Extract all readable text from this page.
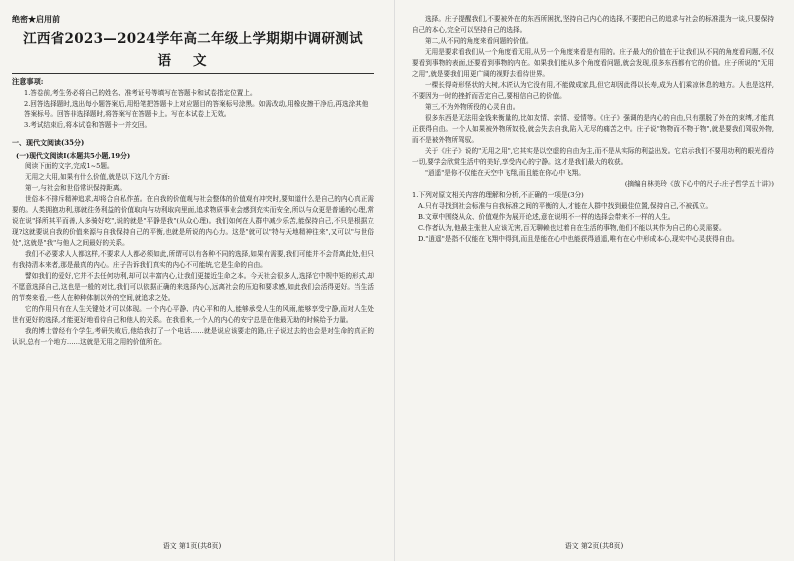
绝密★启用前
江西省2023—2024学年高二年级上学期期中调研测试
语文
注意事项:

1.答卷前,考生务必将自己的姓名、准考证号等填写在答题卡和试卷指定位置上。

2.回答选择题时,选出每小题答案后,用铅笔把答题卡上对应题目的答案标号涂黑。如需改动,用橡皮擦干净后,再选涂其他答案标号。回答非选择题时,将答案写在答题卡上。写在本试卷上无效。

3.考试结束后,将本试卷和答题卡一并交回。

一、现代文阅读(35分)
(一)现代文阅读Ⅰ(本题共5小题,19分)

阅读下面的文字,完成1~5题。

无用之大用,如果有什么价值,就是以下这几个方面:

第一,与社会和世俗常识保持距离。

世俗本不排斥精神追求,却将合自私作茧。在自我的价值观与社会整体的价值观有冲突时,要知道什么是自己的内心真正需要的。人类拥抱功利,那就往务利益的价值取向与功利取向里面,追求物质事业会感到充实而安全,所以与众更是普通的心理,常说在说"择所其平而善,人多骑好吃",说的就是"平静是我"(从众心理)。我们如何在人群中减少乐苦,能保持自己,不只是根据立现?这就要说自我的价值来源与自我保持自己的平衡,也就是所说的内心力。这是"就可以"特与天地精神往来",又可以"与世俗处",这就是"我"与他人之间最好的关系。

我们不必要求人人都这样,不要求人人都必须如此,所谓可以有各种不同的选择,如果有需要,我们可能并不会背离此处,但只有我持清本来者,那是最真的内心。庄子告诉我们真实的内心不可能统,它是生命的自由。

譬如我们的爱好,它并不去任何功利,却可以丰富内心,让我们更接近生命之本。今天社会很多人,选择它中规中矩的形式,却不愿意选择自己,这也是一般的对比,我们可以依据正确的来选择内心,远离社会的压迫和要求感,如此我们会活得更好。当生活的节奏来看,一些人在种种体制以外的空间,就追求之处。

它的作用只有在人生关键处才可以体现。一个内心平静、内心平和的人,能够承受人生的风雨,能够享受宁静,而对人生处世有更好的选择,才能更好地看待自己和他人的关系。在我看来,一个人的内心的安宁总是在他最无助的时候给予力量。

我的博士曾经有个学生,考研失败后,他给我打了一个电话……就是说应该要走的路,庄子说过去的也会是对生命的真正的认识,总有一个地方……这就是无用之用的价值所在。

语文 第1页(共8页)

选择。庄子提醒我们,不要被外在的东西所困扰,坚持自己内心的选择,不要把自己的追求与社会的标准混为一谈,只要保持自己的本心,完全可以坚持自己的选择。

第二,从不同的角度来看问题的价值。

无用是要求看我们从一个角度看无用,从另一个角度来看是有用的。庄子最大的价值在于让我们从不同的角度看问题,不仅要看到事物的表面,还要看到事物的内在。如果我们能从多个角度看问题,就会发现,很多东西都有它的价值。庄子所说的"无用之用",就是要我们用更广阔的视野去看待世界。

一棵长得奇形怪状的大树,木匠认为它没有用,不能做成家具,但它却因此得以长寿,成为人们乘凉休息的地方。人也是这样,不要因为一时的挫折而否定自己,要相信自己的价值。

第三,不为外物所役的心灵自由。

很多东西是无法用金钱来衡量的,比如友情、亲情、爱情等。《庄子》强调的是内心的自由,只有摆脱了外在的束缚,才能真正获得自由。一个人如果被外物所奴役,就会失去自我,陷入无尽的痛苦之中。庄子说"物物而不物于物",就是要我们驾驭外物,而不是被外物所驾驭。

关于《庄子》说的"无用之用",它其实是以空虚的自由为主,而不是从实际的利益出发。它启示我们不要用功利的眼光看待一切,要学会欣赏生活中的美好,享受内心的宁静。这才是我们最大的收获。

"逍遥"是你不仅能在天空中飞翔,而且能在你心中飞翔。

(摘编自林美玲《放下心中的尺子:庄子哲学五十讲》)

1.下列对原文相关内容的理解和分析,不正确的一项是(3分)

A.只有寻找到社会标准与自我标准之间的平衡的人,才能在人群中找到最佳位置,保持自己,不被孤立。

B.文章中围绕从众、价值观作为展开论述,意在说明不一样的选择会带来不一样的人生。

C.作者认为,他最主张世人应该无害,百无聊赖也过着自在生活的事物,他们不能以其作为自己的心灵需要。

D."逍遥"是指不仅能在飞翔中得到,而且是能在心中也能获得逍遥,唯有在心中形成本心,现实中心灵获得自由。

语文 第2页(共8页)
